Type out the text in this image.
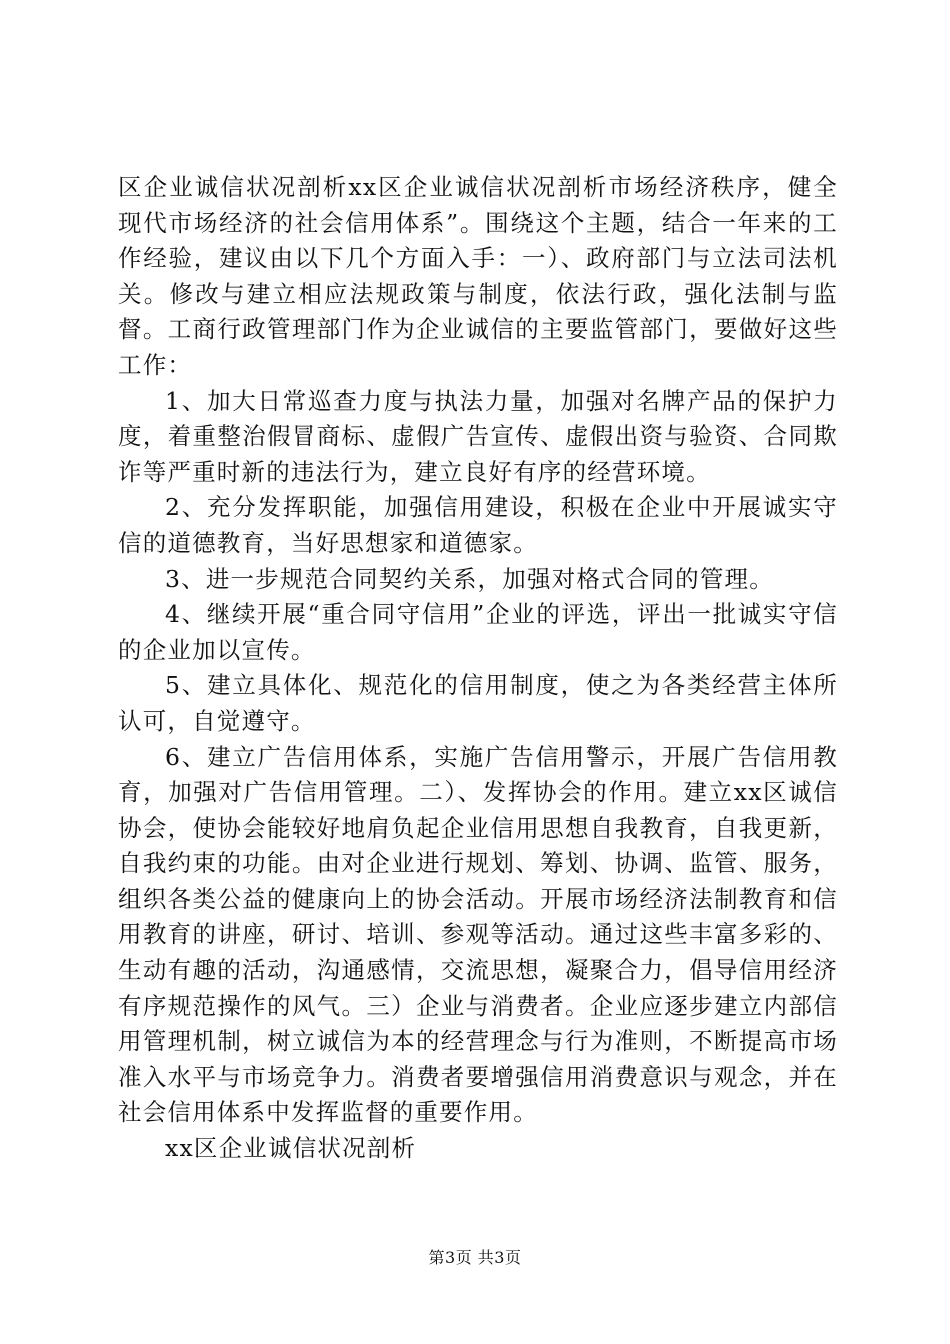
区企业诚信状况剖析xx区企业诚信状况剖析市场经济秩序，健全现代市场经济的社会信用体系”。围绕这个主题，结合一年来的工作经验，建议由以下几个方面入手：一）、政府部门与立法司法机关。修改与建立相应法规政策与制度，依法行政，强化法制与监督。工商行政管理部门作为企业诚信的主要监管部门，要做好这些工作：

1、加大日常巡查力度与执法力量，加强对名牌产品的保护力度，着重整治假冒商标、虚假广告宣传、虚假出资与验资、合同欺诈等严重时新的违法行为，建立良好有序的经营环境。

2、充分发挥职能，加强信用建设，积极在企业中开展诚实守信的道德教育，当好思想家和道德家。

3、进一步规范合同契约关系，加强对格式合同的管理。

4、继续开展“重合同守信用”企业的评选，评出一批诚实守信的企业加以宣传。

5、建立具体化、规范化的信用制度，使之为各类经营主体所认可，自觉遵守。

6、建立广告信用体系，实施广告信用警示，开展广告信用教育，加强对广告信用管理。二）、发挥协会的作用。建立xx区诚信协会，使协会能较好地肩负起企业信用思想自我教育，自我更新，自我约束的功能。由对企业进行规划、筹划、协调、监管、服务，组织各类公益的健康向上的协会活动。开展市场经济法制教育和信用教育的讲座，研讨、培训、参观等活动。通过这些丰富多彩的、生动有趣的活动，沟通感情，交流思想，凝聚合力，倡导信用经济有序规范操作的风气。三）企业与消费者。企业应逐步建立内部信用管理机制，树立诚信为本的经营理念与行为准则，不断提高市场准入水平与市场竞争力。消费者要增强信用消费意识与观念，并在社会信用体系中发挥监督的重要作用。

xx区企业诚信状况剖析

第3页 共3页
